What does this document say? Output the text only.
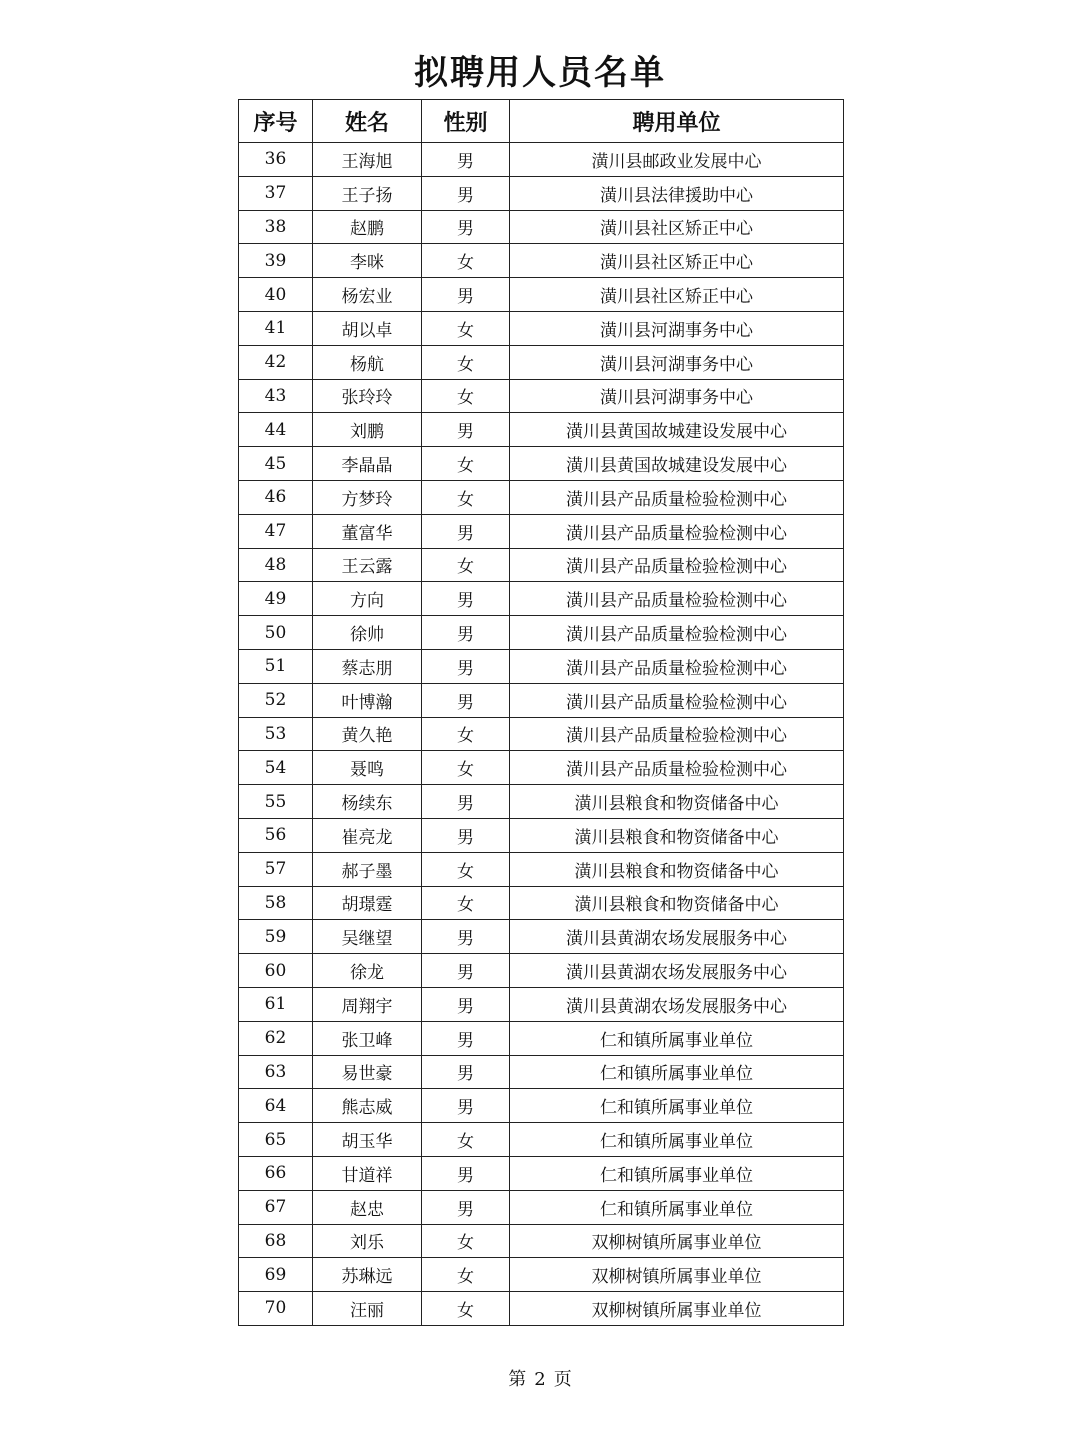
拟聘用人员名单
序号	姓名	性别	聘用单位
36	王海旭	男	潢川县邮政业发展中心
37	王子扬	男	潢川县法律援助中心
38	赵鹏	男	潢川县社区矫正中心
39	李咪	女	潢川县社区矫正中心
40	杨宏业	男	潢川县社区矫正中心
41	胡以卓	女	潢川县河湖事务中心
42	杨航	女	潢川县河湖事务中心
43	张玲玲	女	潢川县河湖事务中心
44	刘鹏	男	潢川县黄国故城建设发展中心
45	李晶晶	女	潢川县黄国故城建设发展中心
46	方梦玲	女	潢川县产品质量检验检测中心
47	董富华	男	潢川县产品质量检验检测中心
48	王云露	女	潢川县产品质量检验检测中心
49	方向	男	潢川县产品质量检验检测中心
50	徐帅	男	潢川县产品质量检验检测中心
51	蔡志朋	男	潢川县产品质量检验检测中心
52	叶博瀚	男	潢川县产品质量检验检测中心
53	黄久艳	女	潢川县产品质量检验检测中心
54	聂鸣	女	潢川县产品质量检验检测中心
55	杨续东	男	潢川县粮食和物资储备中心
56	崔亮龙	男	潢川县粮食和物资储备中心
57	郝子墨	女	潢川县粮食和物资储备中心
58	胡璟霆	女	潢川县粮食和物资储备中心
59	吴继望	男	潢川县黄湖农场发展服务中心
60	徐龙	男	潢川县黄湖农场发展服务中心
61	周翔宇	男	潢川县黄湖农场发展服务中心
62	张卫峰	男	仁和镇所属事业单位
63	易世豪	男	仁和镇所属事业单位
64	熊志威	男	仁和镇所属事业单位
65	胡玉华	女	仁和镇所属事业单位
66	甘道祥	男	仁和镇所属事业单位
67	赵忠	男	仁和镇所属事业单位
68	刘乐	女	双柳树镇所属事业单位
69	苏琳远	女	双柳树镇所属事业单位
70	汪丽	女	双柳树镇所属事业单位
第 2 页
